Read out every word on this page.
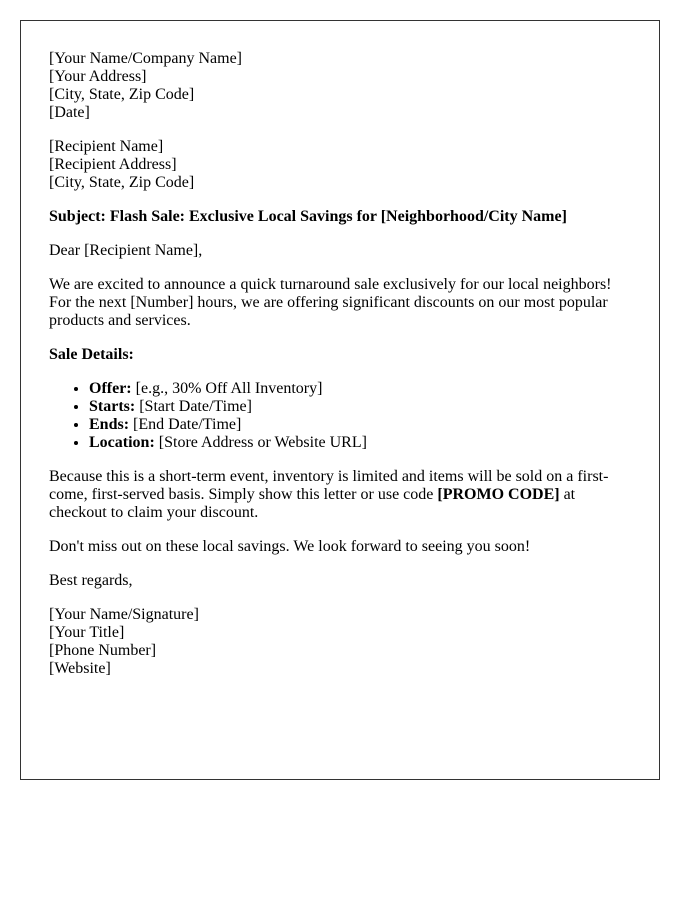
[Your Name/Company Name]
[Your Address]
[City, State, Zip Code]
[Date]
[Recipient Name]
[Recipient Address]
[City, State, Zip Code]
Subject: Flash Sale: Exclusive Local Savings for [Neighborhood/City Name]
Dear [Recipient Name],
We are excited to announce a quick turnaround sale exclusively for our local neighbors! For the next [Number] hours, we are offering significant discounts on our most popular products and services.
Sale Details:
• Offer: [e.g., 30% Off All Inventory]
• Starts: [Start Date/Time]
• Ends: [End Date/Time]
• Location: [Store Address or Website URL]
Because this is a short-term event, inventory is limited and items will be sold on a first-come, first-served basis. Simply show this letter or use code [PROMO CODE] at checkout to claim your discount.
Don't miss out on these local savings. We look forward to seeing you soon!
Best regards,
[Your Name/Signature]
[Your Title]
[Phone Number]
[Website]
